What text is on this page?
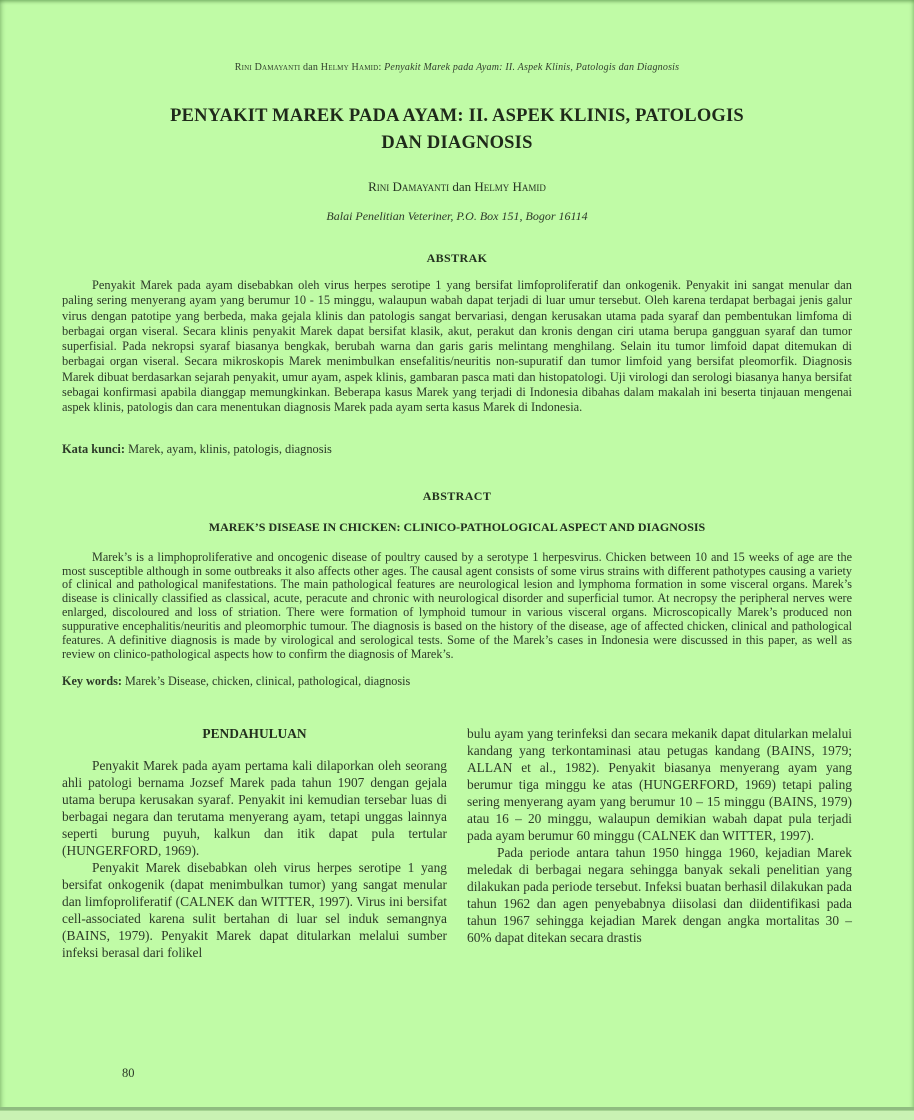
Rini Damayanti dan Helmy Hamid: Penyakit Marek pada Ayam: II. Aspek Klinis, Patologis dan Diagnosis
PENYAKIT MAREK PADA AYAM: II. ASPEK KLINIS, PATOLOGIS
DAN DIAGNOSIS
Rini Damayanti dan Helmy Hamid
Balai Penelitian Veteriner, P.O. Box 151, Bogor 16114
ABSTRAK

Penyakit Marek pada ayam disebabkan oleh virus herpes serotipe 1 yang bersifat limfoproliferatif dan onkogenik. Penyakit ini sangat menular dan paling sering menyerang ayam yang berumur 10 - 15 minggu, walaupun wabah dapat terjadi di luar umur tersebut. Oleh karena terdapat berbagai jenis galur virus dengan patotipe yang berbeda, maka gejala klinis dan patologis sangat bervariasi, dengan kerusakan utama pada syaraf dan pembentukan limfoma di berbagai organ viseral. Secara klinis penyakit Marek dapat bersifat klasik, akut, perakut dan kronis dengan ciri utama berupa gangguan syaraf dan tumor superfisial. Pada nekropsi syaraf biasanya bengkak, berubah warna dan garis garis melintang menghilang. Selain itu tumor limfoid dapat ditemukan di berbagai organ viseral. Secara mikroskopis Marek menimbulkan ensefalitis/neuritis non-supuratif dan tumor limfoid yang bersifat pleomorfik. Diagnosis Marek dibuat berdasarkan sejarah penyakit, umur ayam, aspek klinis, gambaran pasca mati dan histopatologi. Uji virologi dan serologi biasanya hanya bersifat sebagai konfirmasi apabila dianggap memungkinkan. Beberapa kasus Marek yang terjadi di Indonesia dibahas dalam makalah ini beserta tinjauan mengenai aspek klinis, patologis dan cara menentukan diagnosis Marek pada ayam serta kasus Marek di Indonesia.

Kata kunci: Marek, ayam, klinis, patologis, diagnosis
ABSTRACT
MAREK’S DISEASE IN CHICKEN: CLINICO-PATHOLOGICAL ASPECT AND DIAGNOSIS

Marek’s is a limphoproliferative and oncogenic disease of poultry caused by a serotype 1 herpesvirus. Chicken between 10 and 15 weeks of age are the most susceptible although in some outbreaks it also affects other ages. The causal agent consists of some virus strains with different pathotypes causing a variety of clinical and pathological manifestations. The main pathological features are neurological lesion and lymphoma formation in some visceral organs. Marek’s disease is clinically classified as classical, acute, peracute and chronic with neurological disorder and superficial tumor. At necropsy the peripheral nerves were enlarged, discoloured and loss of striation. There were formation of lymphoid tumour in various visceral organs. Microscopically Marek’s produced non suppurative encephalitis/neuritis and pleomorphic tumour. The diagnosis is based on the history of the disease, age of affected chicken, clinical and pathological features. A definitive diagnosis is made by virological and serological tests. Some of the Marek’s cases in Indonesia were discussed in this paper, as well as review on clinico-pathological aspects how to confirm the diagnosis of Marek’s.

Key words: Marek’s Disease, chicken, clinical, pathological, diagnosis
PENDAHULUAN

Penyakit Marek pada ayam pertama kali dilaporkan oleh seorang ahli patologi bernama Jozsef Marek pada tahun 1907 dengan gejala utama berupa kerusakan syaraf. Penyakit ini kemudian tersebar luas di berbagai negara dan terutama menyerang ayam, tetapi unggas lainnya seperti burung puyuh, kalkun dan itik dapat pula tertular (HUNGERFORD, 1969).

Penyakit Marek disebabkan oleh virus herpes serotipe 1 yang bersifat onkogenik (dapat menimbulkan tumor) yang sangat menular dan limfoproliferatif (CALNEK dan WITTER, 1997). Virus ini bersifat cell-associated karena sulit bertahan di luar sel induk semangnya (BAINS, 1979). Penyakit Marek dapat ditularkan melalui sumber infeksi berasal dari folikel

bulu ayam yang terinfeksi dan secara mekanik dapat ditularkan melalui kandang yang terkontaminasi atau petugas kandang (BAINS, 1979; ALLAN et al., 1982). Penyakit biasanya menyerang ayam yang berumur tiga minggu ke atas (HUNGERFORD, 1969) tetapi paling sering menyerang ayam yang berumur 10 – 15 minggu (BAINS, 1979) atau 16 – 20 minggu, walaupun demikian wabah dapat pula terjadi pada ayam berumur 60 minggu (CALNEK dan WITTER, 1997).

Pada periode antara tahun 1950 hingga 1960, kejadian Marek meledak di berbagai negara sehingga banyak sekali penelitian yang dilakukan pada periode tersebut. Infeksi buatan berhasil dilakukan pada tahun 1962 dan agen penyebabnya diisolasi dan diidentifikasi pada tahun 1967 sehingga kejadian Marek dengan angka mortalitas 30 – 60% dapat ditekan secara drastis

80
